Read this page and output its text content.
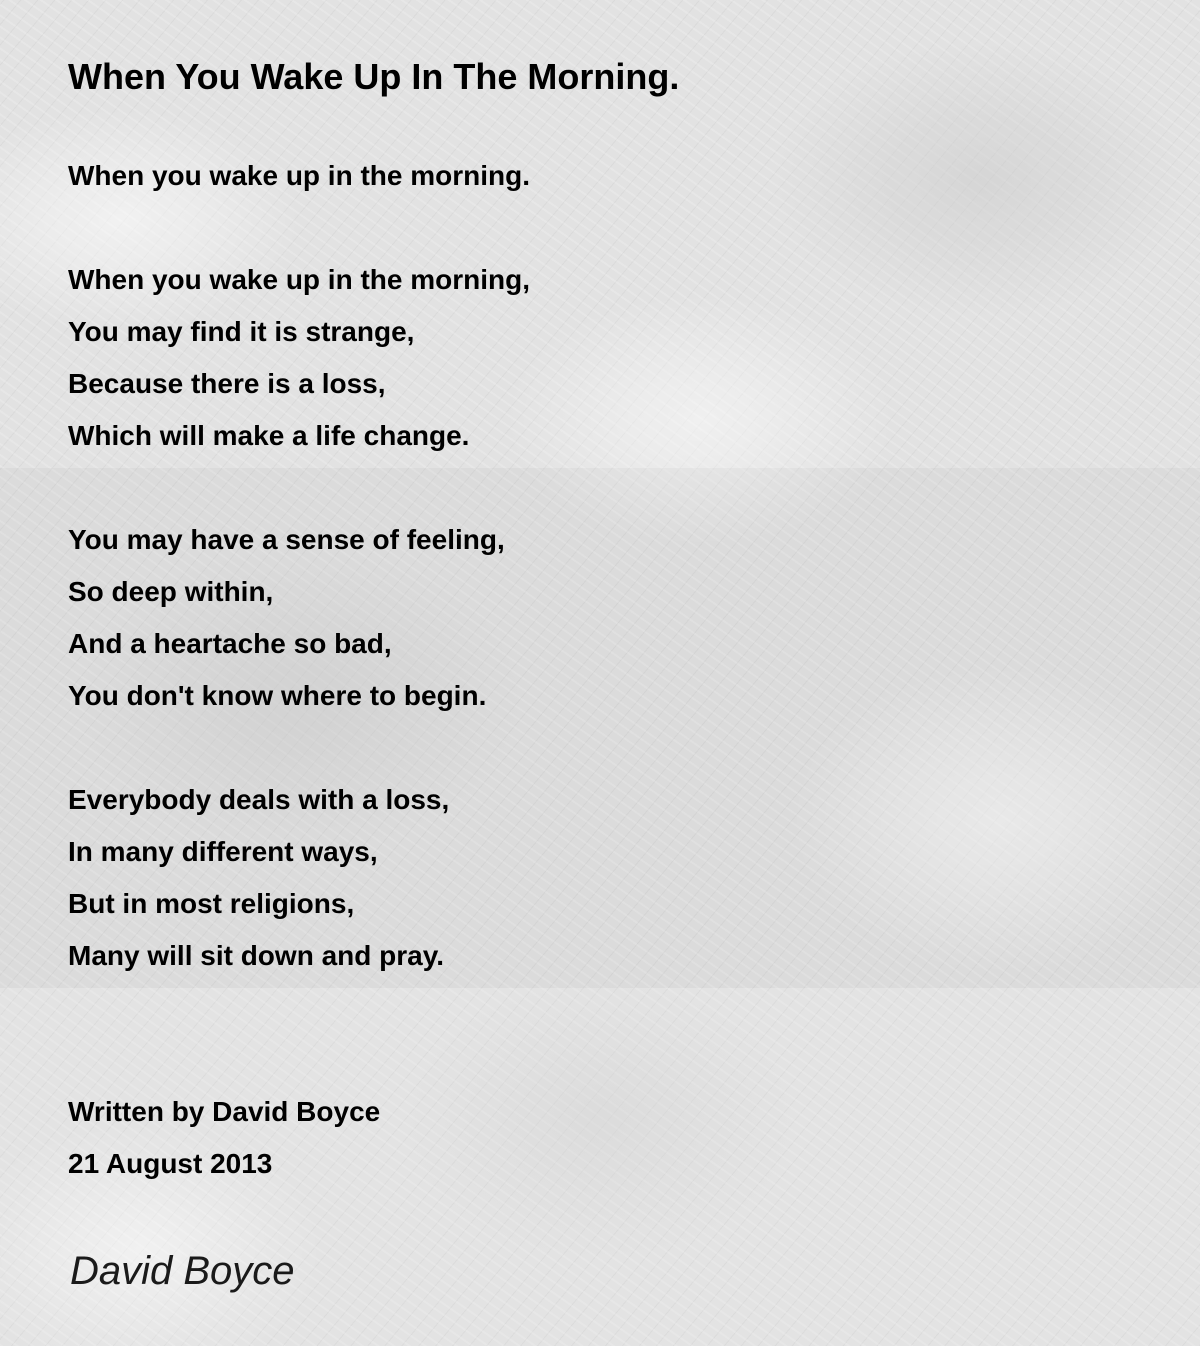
When You Wake Up In The Morning.
When you wake up in the morning.
When you wake up in the morning,
You may find it is strange,
Because there is a loss,
Which will make a life change.
You may have a sense of feeling,
So deep within,
And a heartache so bad,
You don't know where to begin.
Everybody deals with a loss,
In many different ways,
But in most religions,
Many will sit down and pray.
Written by David Boyce
21 August 2013
David Boyce
